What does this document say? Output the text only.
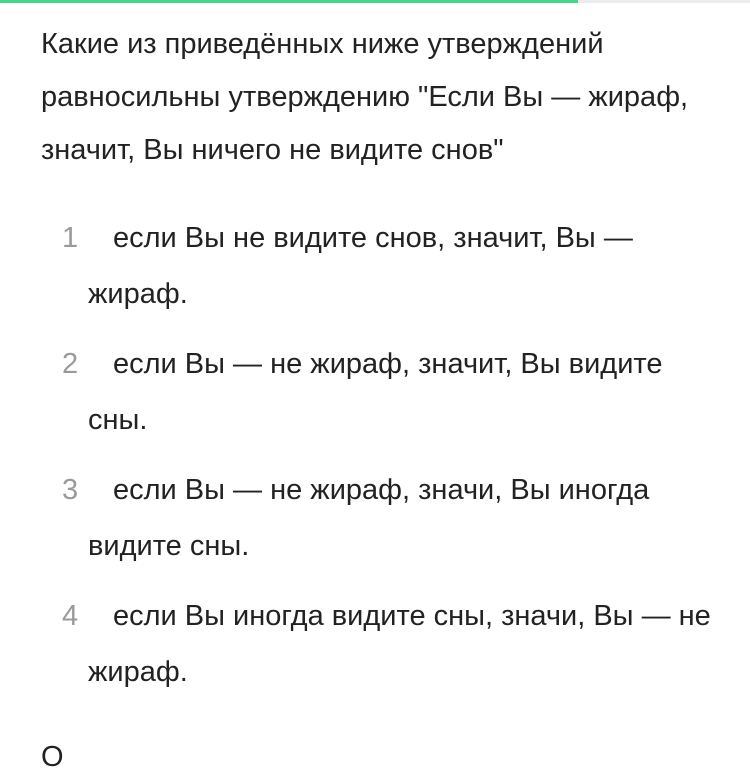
Какие из приведённых ниже утверждений равносильны утверждению "Если Вы — жираф, значит, Вы ничего не видите снов"

1 если Вы не видите снов, значит, Вы — жираф.
2 если Вы — не жираф, значит, Вы видите сны.
3 если Вы — не жираф, значи, Вы иногда видите сны.
4 если Вы иногда видите сны, значи, Вы — не жираф.
О
